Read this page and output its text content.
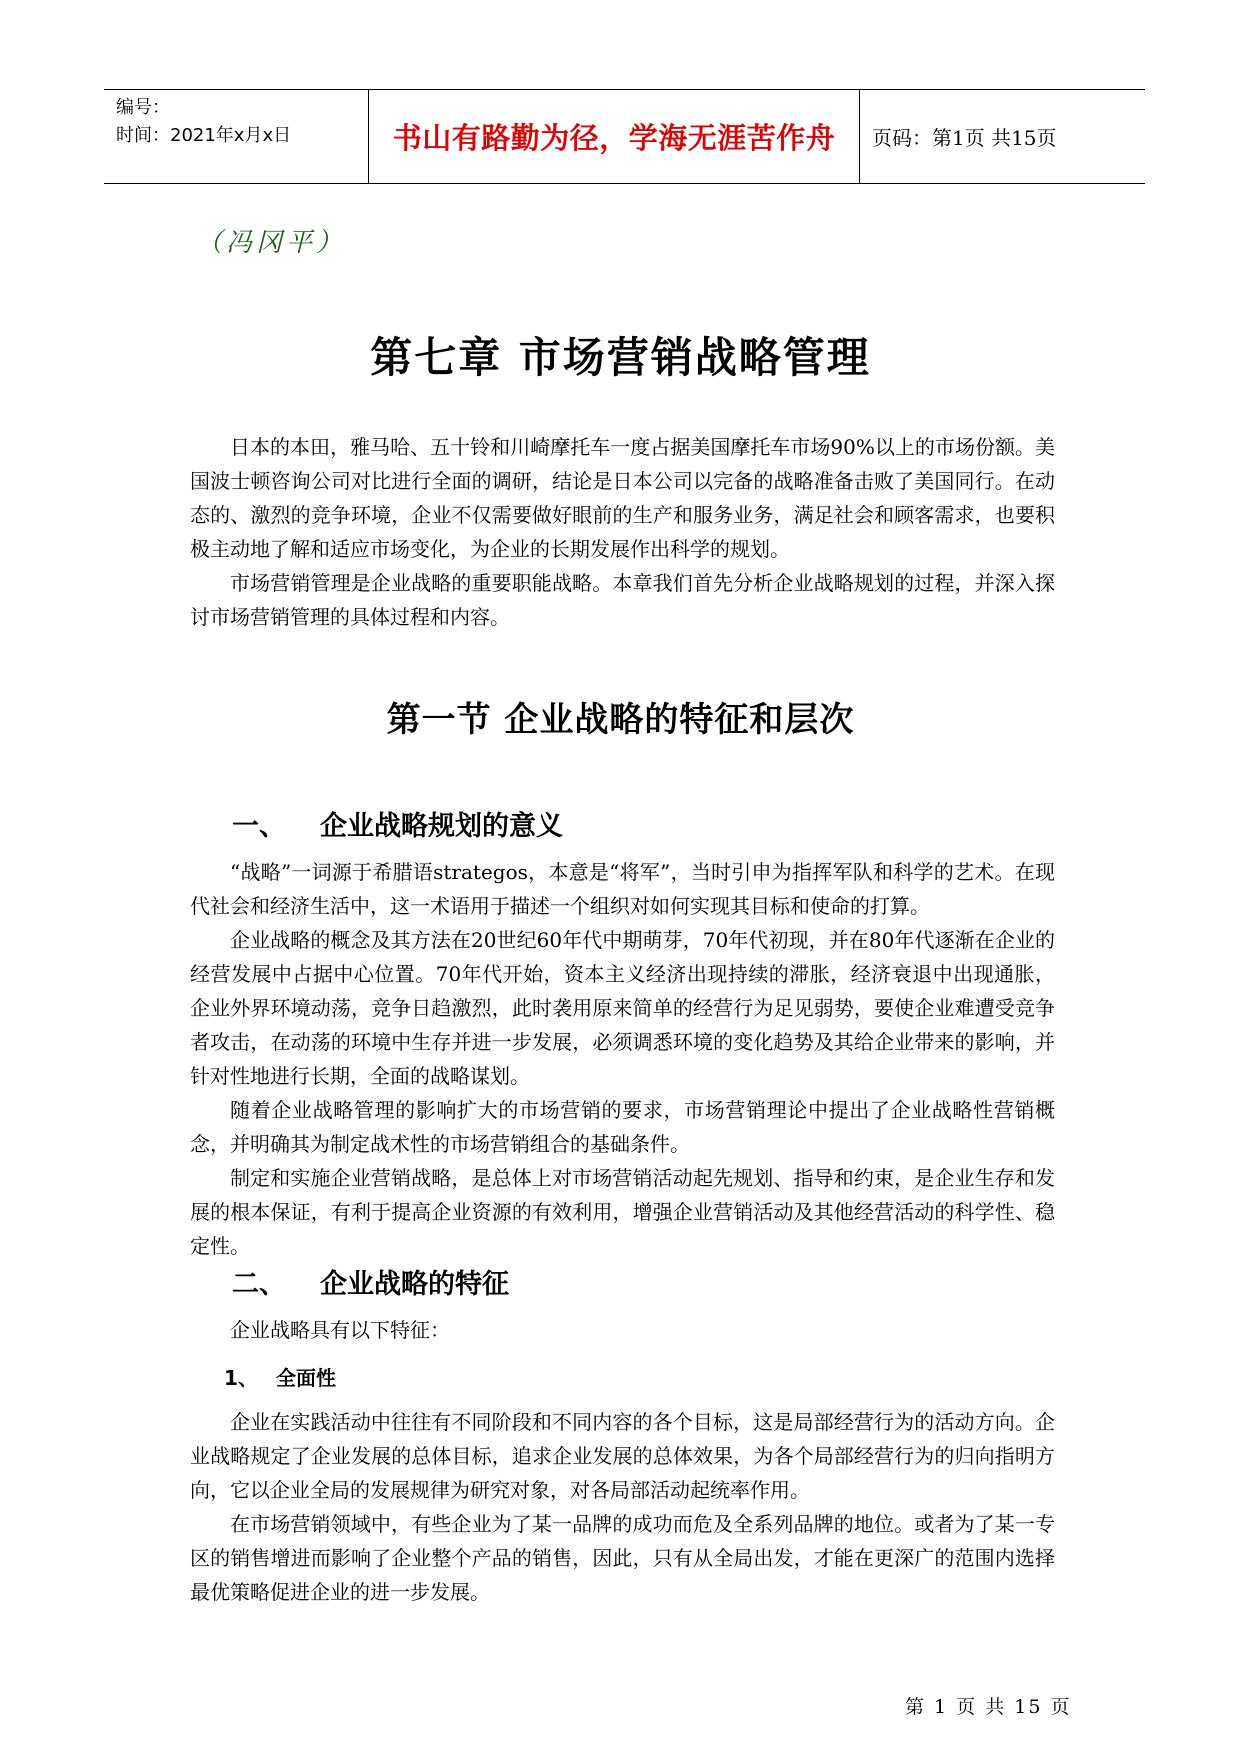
编号：
时间：2021年x月x日	书山有路勤为径，学海无涯苦作舟	页码：第1页 共15页
（冯冈平）
第七章 市场营销战略管理

日本的本田，雅马哈、五十铃和川崎摩托车一度占据美国摩托车市场90%以上的市场份额。美国波士顿咨询公司对比进行全面的调研，结论是日本公司以完备的战略准备击败了美国同行。在动态的、激烈的竞争环境，企业不仅需要做好眼前的生产和服务业务，满足社会和顾客需求，也要积极主动地了解和适应市场变化，为企业的长期发展作出科学的规划。

市场营销管理是企业战略的重要职能战略。本章我们首先分析企业战略规划的过程，并深入探讨市场营销管理的具体过程和内容。

第一节 企业战略的特征和层次
一、 企业战略规划的意义

“战略”一词源于希腊语strategos，本意是“将军”，当时引申为指挥军队和科学的艺术。在现代社会和经济生活中，这一术语用于描述一个组织对如何实现其目标和使命的打算。

企业战略的概念及其方法在20世纪60年代中期萌芽，70年代初现，并在80年代逐渐在企业的经营发展中占据中心位置。70年代开始，资本主义经济出现持续的滞胀，经济衰退中出现通胀，企业外界环境动荡，竞争日趋激烈，此时袭用原来简单的经营行为足见弱势，要使企业难遭受竞争者攻击，在动荡的环境中生存并进一步发展，必须调悉环境的变化趋势及其给企业带来的影响，并针对性地进行长期，全面的战略谋划。

随着企业战略管理的影响扩大的市场营销的要求，市场营销理论中提出了企业战略性营销概念，并明确其为制定战术性的市场营销组合的基础条件。

制定和实施企业营销战略，是总体上对市场营销活动起先规划、指导和约束，是企业生存和发展的根本保证，有利于提高企业资源的有效利用，增强企业营销活动及其他经营活动的科学性、稳定性。

二、 企业战略的特征

企业战略具有以下特征：

1、 全面性

企业在实践活动中往往有不同阶段和不同内容的各个目标，这是局部经营行为的活动方向。企业战略规定了企业发展的总体目标，追求企业发展的总体效果，为各个局部经营行为的归向指明方向，它以企业全局的发展规律为研究对象，对各局部活动起统率作用。

在市场营销领域中，有些企业为了某一品牌的成功而危及全系列品牌的地位。或者为了某一专区的销售增进而影响了企业整个产品的销售，因此，只有从全局出发，才能在更深广的范围内选择最优策略促进企业的进一步发展。

第 1 页 共 15 页
